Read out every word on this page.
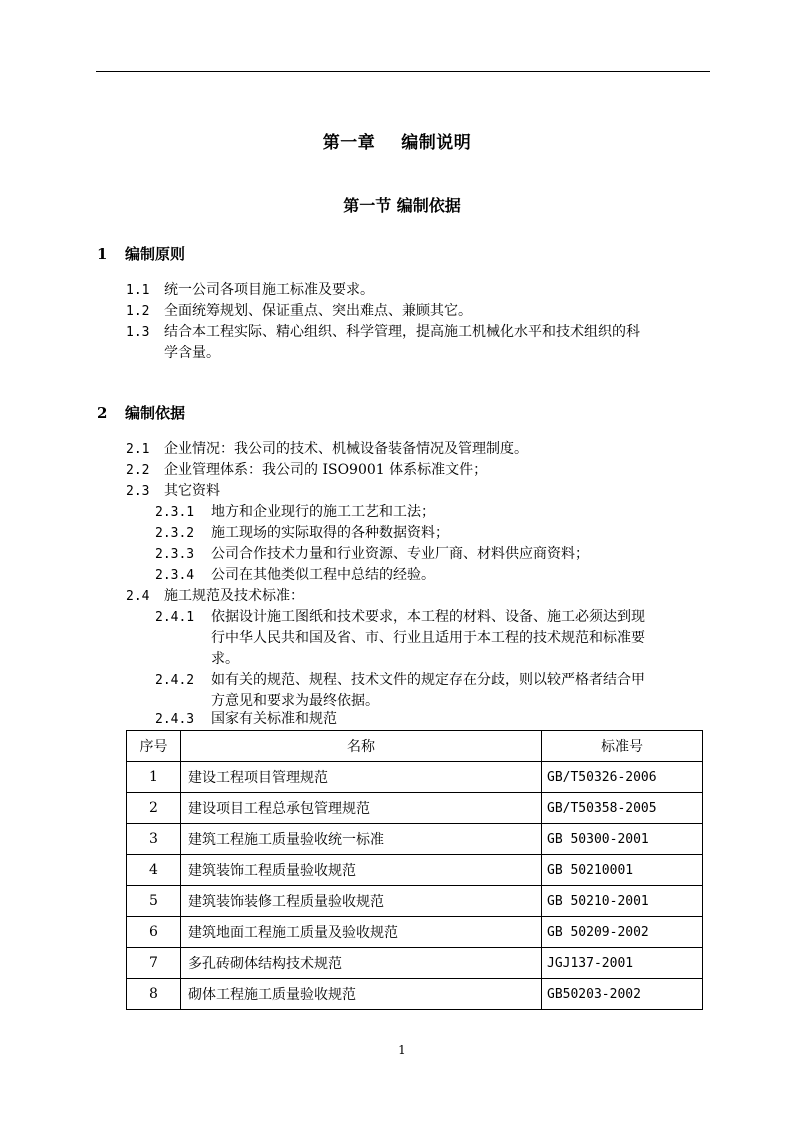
第一章 编制说明
第一节 编制依据
1 编制原则
1.1 统一公司各项目施工标准及要求。
1.2 全面统筹规划、保证重点、突出难点、兼顾其它。
1.3 结合本工程实际、精心组织、科学管理，提高施工机械化水平和技术组织的科
学含量。
2 编制依据
2.1 企业情况：我公司的技术、机械设备装备情况及管理制度。
2.2 企业管理体系：我公司的 ISO9001 体系标准文件；
2.3 其它资料
2.3.1 地方和企业现行的施工工艺和工法；
2.3.2 施工现场的实际取得的各种数据资料；
2.3.3 公司合作技术力量和行业资源、专业厂商、材料供应商资料；
2.3.4 公司在其他类似工程中总结的经验。
2.4 施工规范及技术标准：
2.4.1 依据设计施工图纸和技术要求，本工程的材料、设备、施工必须达到现
行中华人民共和国及省、市、行业且适用于本工程的技术规范和标准要
求。
2.4.2 如有关的规范、规程、技术文件的规定存在分歧，则以较严格者结合甲
方意见和要求为最终依据。
2.4.3 国家有关标准和规范
序号	名称	标准号
1	建设工程项目管理规范	GB/T50326-2006
2	建设项目工程总承包管理规范	GB/T50358-2005
3	建筑工程施工质量验收统一标准	GB 50300-2001
4	建筑装饰工程质量验收规范	GB 50210001
5	建筑装饰装修工程质量验收规范	GB 50210-2001
6	建筑地面工程施工质量及验收规范	GB 50209-2002
7	多孔砖砌体结构技术规范	JGJ137-2001
8	砌体工程施工质量验收规范	GB50203-2002
1
